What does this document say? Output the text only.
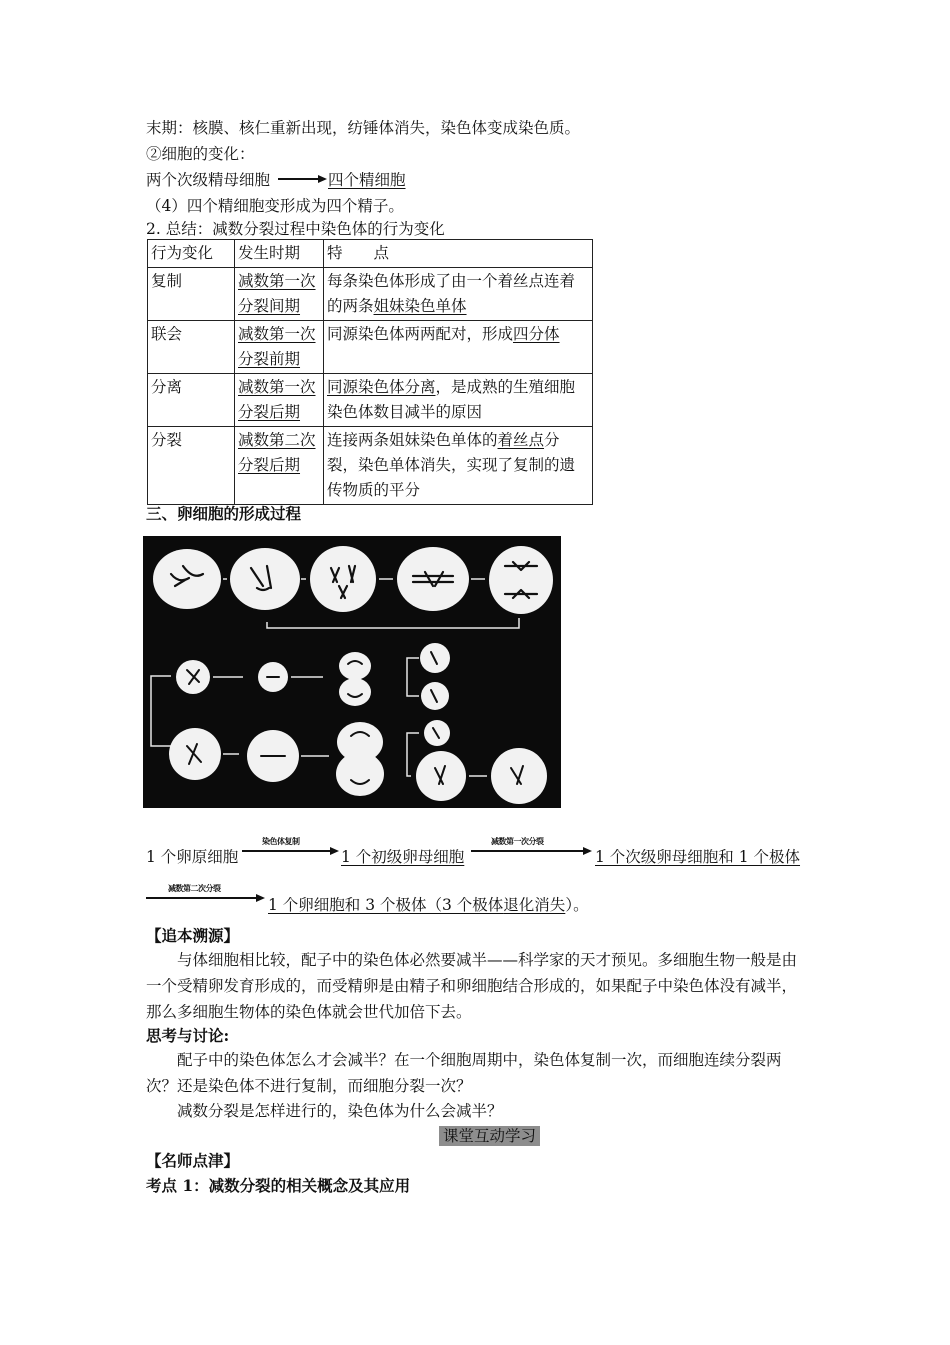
末期：核膜、核仁重新出现，纺锤体消失，染色体变成染色质。
②细胞的变化：
两个次级精母细胞	四个精细胞
（4）四个精细胞变形成为四个精子。
2. 总结：减数分裂过程中染色体的行为变化
行为变化	发生时期	特　　点
复制	减数第一次分裂间期	每条染色体形成了由一个着丝点连着的两条姐妹染色单体
联会	减数第一次分裂前期	同源染色体两两配对，形成四分体
分离	减数第一次分裂后期	同源染色体分离，是成熟的生殖细胞染色体数目减半的原因
分裂	减数第二次分裂后期	连接两条姐妹染色单体的着丝点分裂，染色单体消失，实现了复制的遗传物质的平分
三、卵细胞的形成过程
1 个卵原细胞
染色体复制
1 个初级卵母细胞
减数第一次分裂
1 个次级卵母细胞和 1 个极体
减数第二次分裂
1 个卵细胞和 3 个极体（3 个极体退化消失）。
【追本溯源】
与体细胞相比较，配子中的染色体必然要减半——科学家的天才预见。多细胞生物一般是由一个受精卵发育形成的，而受精卵是由精子和卵细胞结合形成的，如果配子中染色体没有减半，那么多细胞生物体的染色体就会世代加倍下去。
思考与讨论:
配子中的染色体怎么才会减半？在一个细胞周期中，染色体复制一次，而细胞连续分裂两次？还是染色体不进行复制，而细胞分裂一次？
减数分裂是怎样进行的，染色体为什么会减半？
课堂互动学习
【名师点津】
考点 1：减数分裂的相关概念及其应用
